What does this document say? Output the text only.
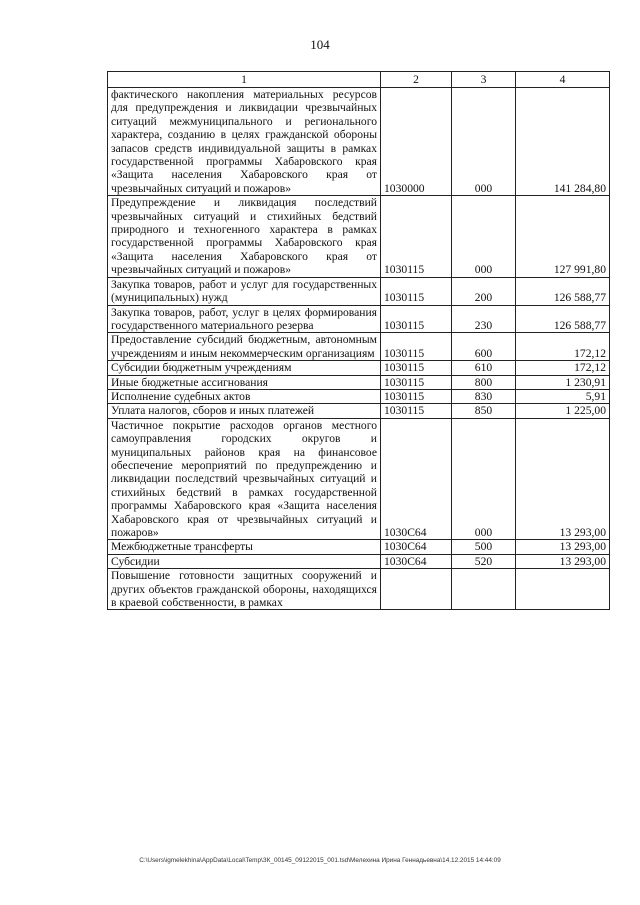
104
1	2	3	4
фактического накопления материальных ресурсов для предупреждения и ликвидации чрезвычайных ситуаций межмуниципального и регионального характера, созданию в целях гражданской обороны запасов средств индивидуальной защиты в рамках государственной программы Хабаровского края «Защита населения Хабаровского края от чрезвычайных ситуаций и пожаров»	1030000	000	141 284,80
Предупреждение и ликвидация последствий чрезвычайных ситуаций и стихийных бедствий природного и техногенного характера в рамках государственной программы Хабаровского края «Защита населения Хабаровского края от чрезвычайных ситуаций и пожаров»	1030115	000	127 991,80
Закупка товаров, работ и услуг для государственных (муниципальных) нужд	1030115	200	126 588,77
Закупка товаров, работ, услуг в целях формирования государственного материального резерва	1030115	230	126 588,77
Предоставление субсидий бюджетным, автономным учреждениям и иным некоммерческим организациям	1030115	600	172,12
Субсидии бюджетным учреждениям	1030115	610	172,12
Иные бюджетные ассигнования	1030115	800	1 230,91
Исполнение судебных актов	1030115	830	5,91
Уплата налогов, сборов и иных платежей	1030115	850	1 225,00
Частичное покрытие расходов органов местного самоуправления городских округов и муниципальных районов края на финансовое обеспечение мероприятий по предупреждению и ликвидации последствий чрезвычайных ситуаций и стихийных бедствий в рамках государственной программы Хабаровского края «Защита населения Хабаровского края от чрезвычайных ситуаций и пожаров»	1030С64	000	13 293,00
Межбюджетные трансферты	1030С64	500	13 293,00
Субсидии	1030С64	520	13 293,00
Повышение готовности защитных сооружений и других объектов гражданской обороны, находящихся в краевой собственности, в рамках			
C:\Users\igmelekhina\AppData\Local\Temp\ЗК_00145_09122015_001.tsd\Мелехина Ирина Геннадьевна\14.12.2015 14:44:09
